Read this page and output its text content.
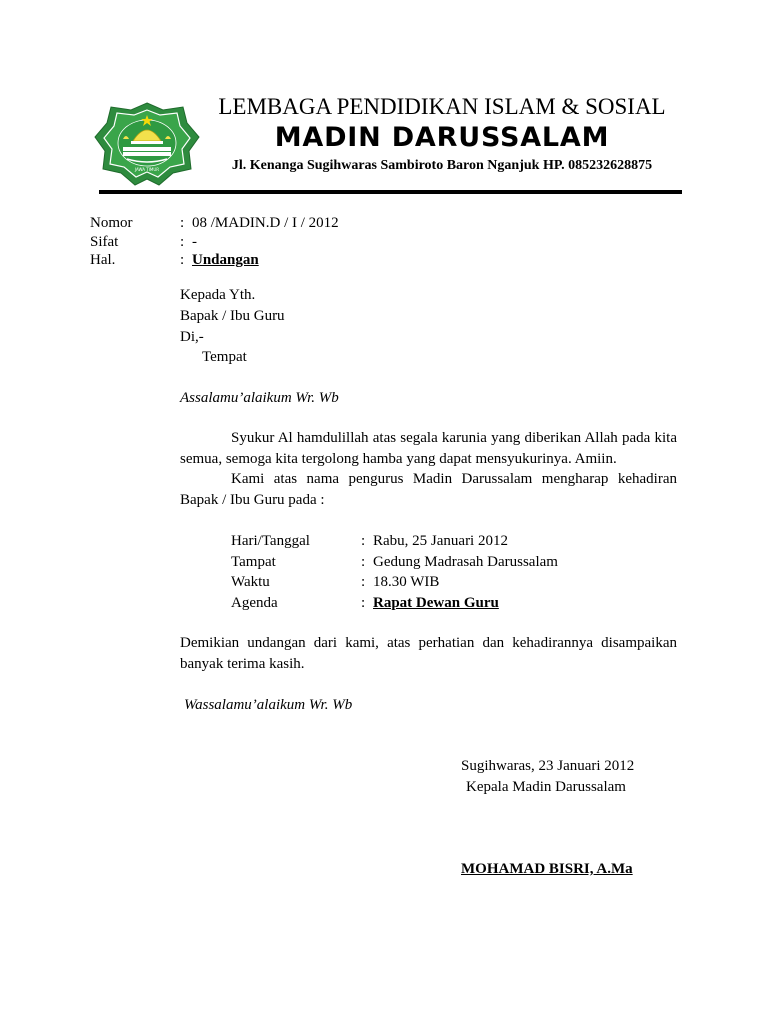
JAWA TIMUR
LEMBAGA PENDIDIKAN ISLAM & SOSIAL
MADIN DARUSSALAM
Jl. Kenanga Sugihwaras Sambiroto Baron Nganjuk HP. 085232628875
Nomor	: 08 /MADIN.D / I / 2012
Sifat	: -
Hal.	: Undangan
Kepada Yth.
Bapak / Ibu Guru
Di,-
Tempat
Assalamu’alaikum Wr. Wb

Syukur Al hamdulillah atas segala karunia yang diberikan Allah pada kita semua, semoga kita tergolong hamba yang dapat mensyukurinya. Amiin.

Kami atas nama pengurus Madin Darussalam mengharap kehadiran Bapak / Ibu Guru pada :

Hari/Tanggal	: Rabu, 25 Januari 2012
Tampat	: Gedung Madrasah Darussalam
Waktu	: 18.30 WIB
Agenda	: Rapat Dewan Guru

Demikian undangan dari kami, atas perhatian dan kehadirannya disampaikan banyak terima kasih.

Wassalamu’alaikum Wr. Wb
Sugihwaras, 23 Januari 2012
Kepala Madin Darussalam
MOHAMAD BISRI, A.Ma
